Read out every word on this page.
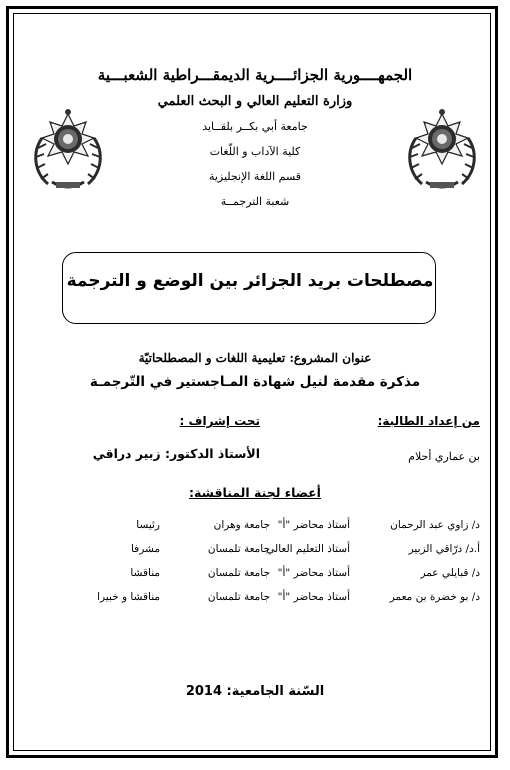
الجمهــــورية الجزائــــرية الديمقـــراطية الشعبـــية
وزارة التعليم العالي و البحث العلمي
جامعة أبي بكــر بلقــايد
كلية الآداب و اللّغات
قسم اللغة الإنجليزية
شعبة الترجمــة
مصطلحات بريد الجزائر بين الوضع و الترجمة
عنوان المشروع: تعليمية اللغات و المصطلحاتيّة
مذكرة مقدمة لنيل شهادة المـاجستير في التّرجمـة
من إعداد الطالبة:
تحت إشراف :
بن عماري أحلام
الأستاذ الدكتور: زبير دراقي
أعضاء لجنة المناقشة:
د/ زاوي عبد الرحمان
أستاذ محاضر "أ"
جامعة وهران
رئيسا
أ.د/ درّاقي الزبير
أستاذ التعليم العالي
جامعة تلمسان
مشرفا
د/ قبايلي عمر
أستاذ محاضر "أ"
جامعة تلمسان
مناقشا
د/ بو خضرة بن معمر
أستاذ محاضر "أ"
جامعة تلمسان
مناقشا و خبيرا
السّنة الجامعية: 2014
